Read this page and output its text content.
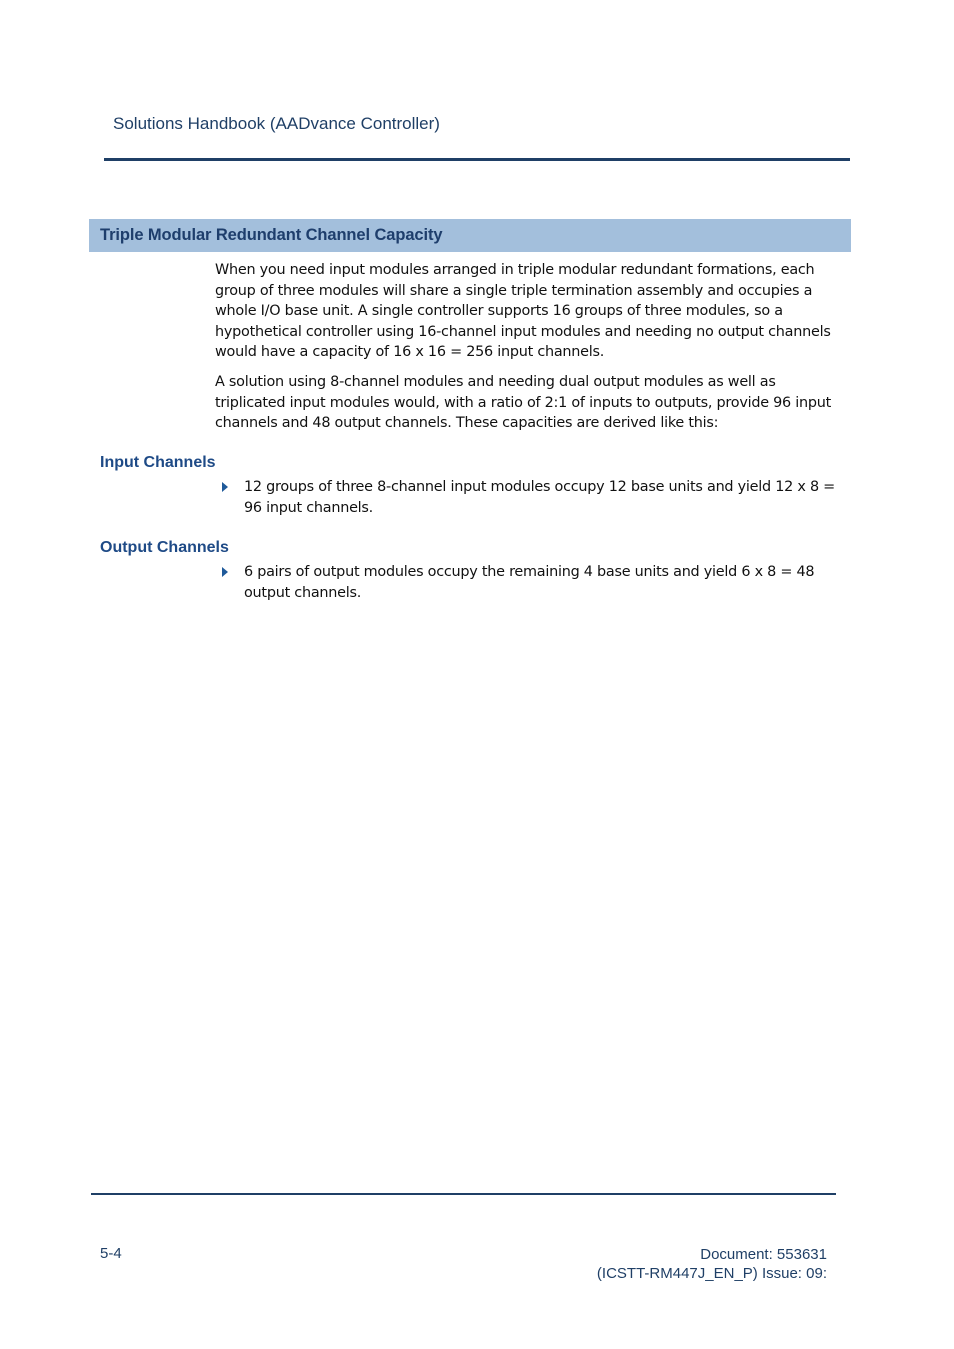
Solutions Handbook (AADvance Controller)
Triple Modular Redundant Channel Capacity

When you need input modules arranged in triple modular redundant formations, each group of three modules will share a single triple termination assembly and occupies a whole I/O base unit. A single controller supports 16 groups of three modules, so a hypothetical controller using 16-channel input modules and needing no output channels would have a capacity of 16 x 16 = 256 input channels.

A solution using 8-channel modules and needing dual output modules as well as triplicated input modules would, with a ratio of 2:1 of inputs to outputs, provide 96 input channels and 48 output channels. These capacities are derived like this:

Input Channels
12 groups of three 8-channel input modules occupy 12 base units and yield 12 x 8 = 96 input channels.
Output Channels
6 pairs of output modules occupy the remaining 4 base units and yield 6 x 8 = 48 output channels.
5-4	Document: 553631
(ICSTT-RM447J_EN_P) Issue: 09:
